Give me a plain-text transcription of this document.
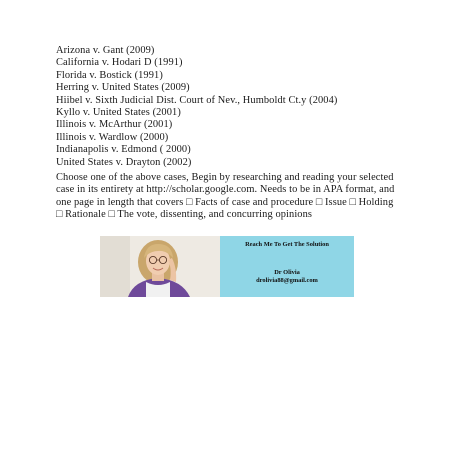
Arizona v. Gant (2009)
California v. Hodari D (1991)
Florida v. Bostick (1991)
Herring v. United States (2009)
Hiibel v. Sixth Judicial Dist. Court of Nev., Humboldt Ct.y (2004)
Kyllo v. United States (2001)
Illinois v. McArthur (2001)
Illinois v. Wardlow (2000)
Indianapolis v. Edmond ( 2000)
United States v. Drayton (2002)

Choose one of the above cases, Begin by researching and reading your selected case in its entirety at http://scholar.google.com. Needs to be in APA format, and one page in length that covers □ Facts of case and procedure □ Issue □ Holding □ Rationale □ The vote, dissenting, and concurring opinions

Reach Me To Get The Solution
Dr Olivia
drolivia88@gmail.com
